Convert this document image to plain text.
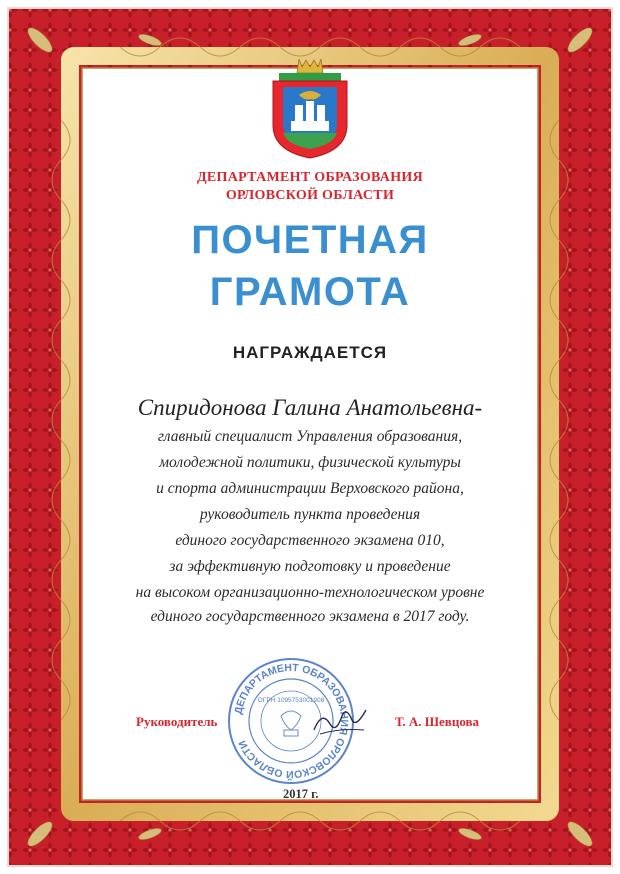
ДЕПАРТАМЕНТ ОБРАЗОВАНИЯ
ОРЛОВСКОЙ ОБЛАСТИ
ПОЧЕТНАЯ
ГРАМОТА
НАГРАЖДАЕТСЯ
Спиридонова Галина Анатольевна-
главный специалист Управления образования,
молодежной политики, физической культуры
и спорта администрации Верховского района,
руководитель пункта проведения
единого государственного экзамена 010,
за эффективную подготовку и проведение
на высоком организационно-технологическом уровне
единого государственного экзамена в 2017 году.
ДЕПАРТАМЕНТ ОБРАЗОВАНИЯ ОРЛОВСКОЙ ОБЛАСТИ
ОГРН 1095753001908
Руководитель	Т. А. Шевцова
2017 г.
